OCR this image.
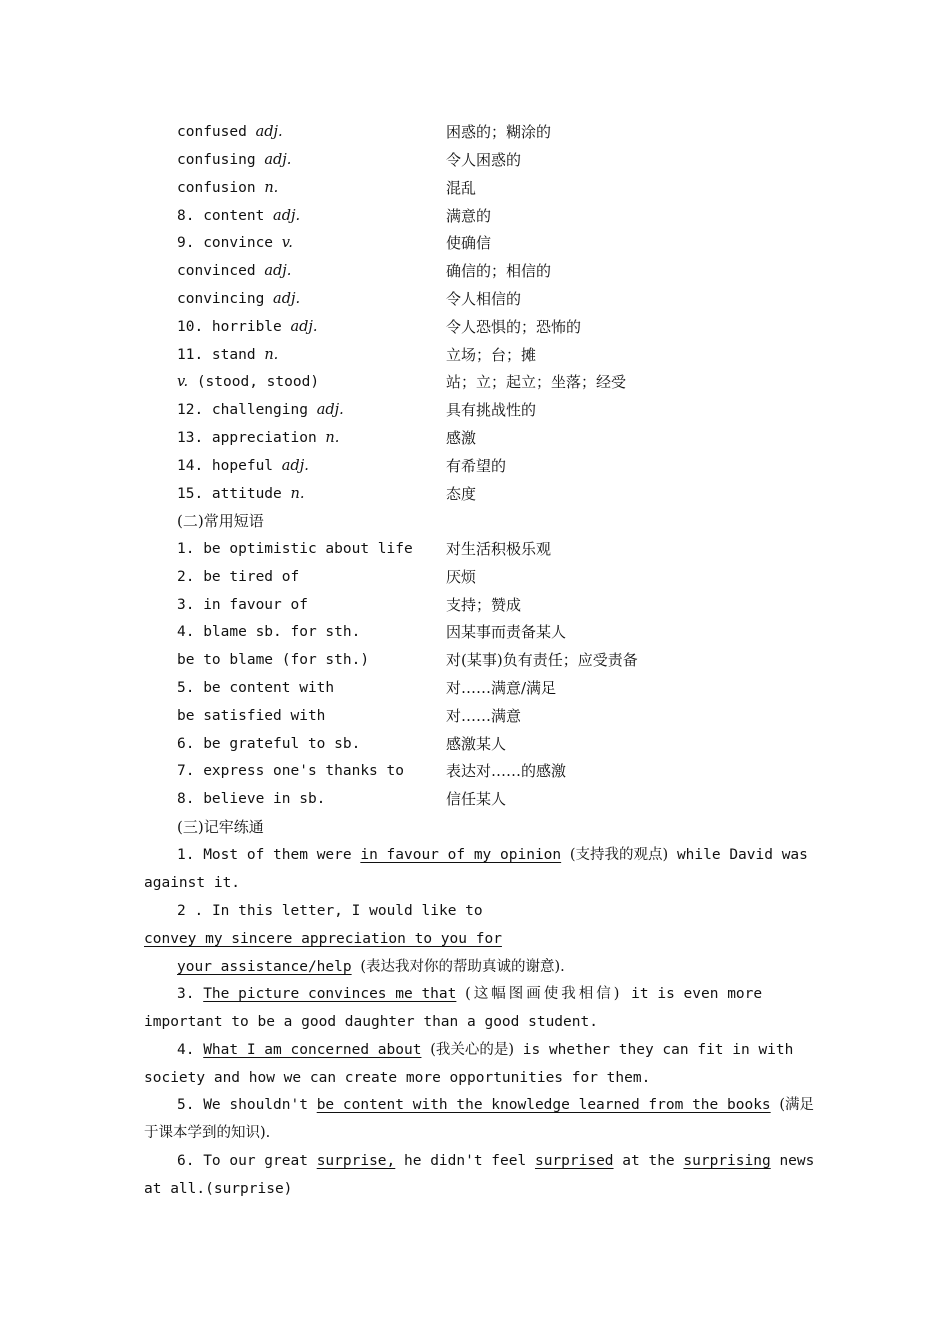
confused adj.	困惑的；糊涂的
confusing adj.	令人困惑的
confusion n.	混乱
8. content adj.	满意的
9. convince v.	使确信
convinced adj.	确信的；相信的
convincing adj.	令人相信的
10. horrible adj.	令人恐惧的；恐怖的
11. stand n.	立场；台；摊
v. (stood, stood)	站；立；起立；坐落；经受
12. challenging adj.	具有挑战性的
13. appreciation n.	感激
14. hopeful adj.	有希望的
15. attitude n.	态度
(二)常用短语
1. be optimistic about life 对生活积极乐观
2. be tired of	厌烦
3. in favour of	支持；赞成
4. blame sb. for sth.	因某事而责备某人
be to blame (for sth.)	对(某事)负有责任；应受责备
5. be content with	对……满意/满足
be satisfied with	对……满意
6. be grateful to sb.	感激某人
7. express one's thanks to	表达对……的感激
8. believe in sb.	信任某人
(三)记牢练通
1. Most of them were in favour of my opinion (支持我的观点) while David was
against it.
2 . In this letter, I would like to
convey my sincere appreciation to you for
your assistance/help (表达我对你的帮助真诚的谢意).
3. The picture convinces me that (这幅图画使我相信) it is even more
important to be a good daughter than a good student.
4. What I am concerned about (我关心的是) is whether they can fit in with
society and how we can create more opportunities for them.
5. We shouldn't be content with the knowledge learned from the books (满足
于课本学到的知识).
6. To our great surprise, he didn't feel surprised at the surprising news
at all.(surprise)
